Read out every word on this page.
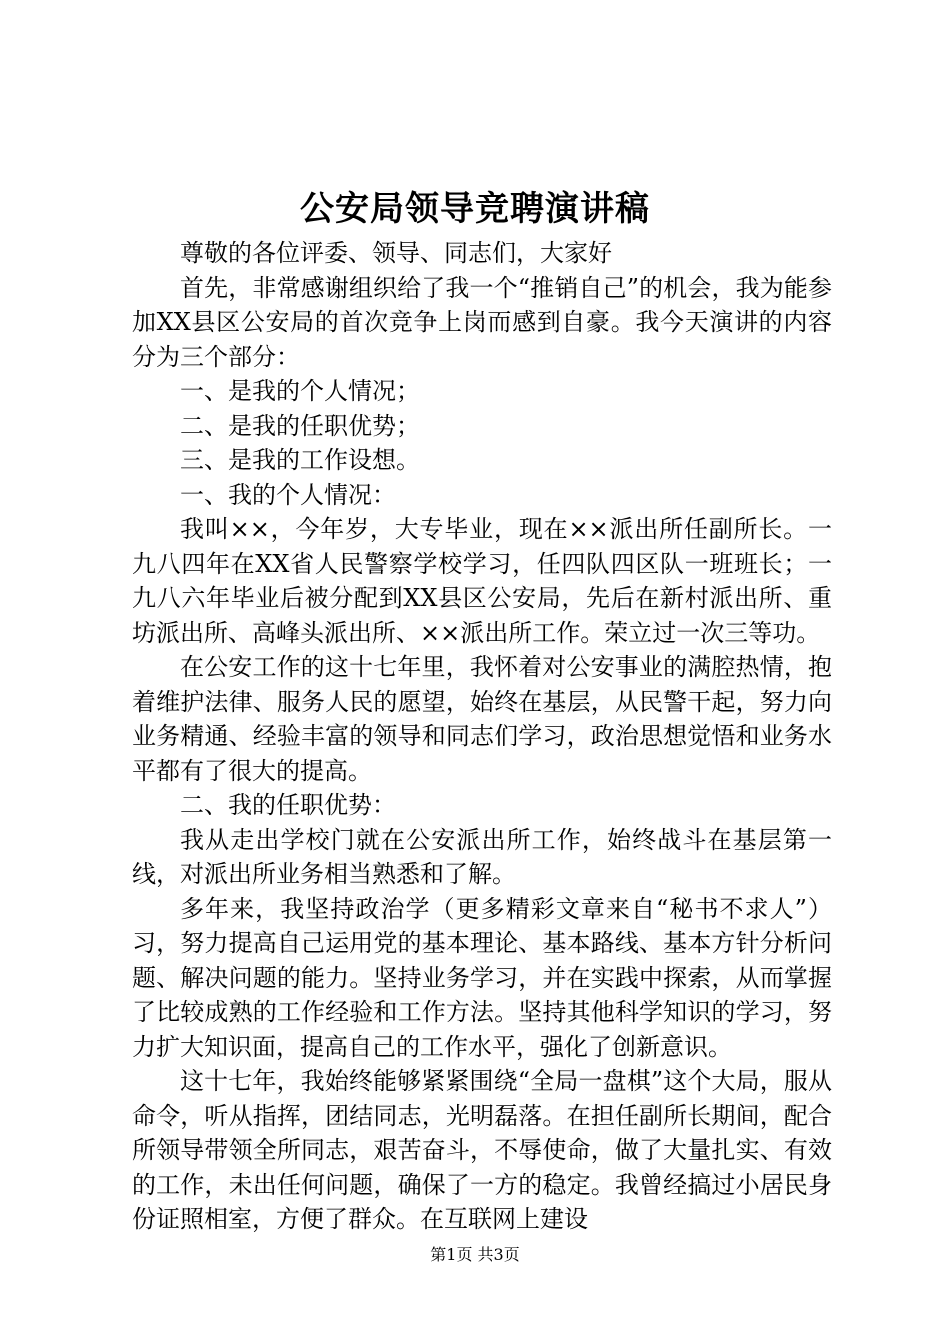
公安局领导竞聘演讲稿

尊敬的各位评委、领导、同志们，大家好

首先，非常感谢组织给了我一个“推销自己”的机会，我为能参加XX县区公安局的首次竞争上岗而感到自豪。我今天演讲的内容分为三个部分：

一、是我的个人情况；

二、是我的任职优势；

三、是我的工作设想。

一、我的个人情况：

我叫××，今年岁，大专毕业，现在××派出所任副所长。一九八四年在XX省人民警察学校学习，任四队四区队一班班长；一九八六年毕业后被分配到XX县区公安局，先后在新村派出所、重坊派出所、高峰头派出所、××派出所工作。荣立过一次三等功。

在公安工作的这十七年里，我怀着对公安事业的满腔热情，抱着维护法律、服务人民的愿望，始终在基层，从民警干起，努力向业务精通、经验丰富的领导和同志们学习，政治思想觉悟和业务水平都有了很大的提高。

二、我的任职优势：

我从走出学校门就在公安派出所工作，始终战斗在基层第一线，对派出所业务相当熟悉和了解。

多年来，我坚持政治学（更多精彩文章来自“秘书不求人”）习，努力提高自己运用党的基本理论、基本路线、基本方针分析问题、解决问题的能力。坚持业务学习，并在实践中探索，从而掌握了比较成熟的工作经验和工作方法。坚持其他科学知识的学习，努力扩大知识面，提高自己的工作水平，强化了创新意识。

这十七年，我始终能够紧紧围绕“全局一盘棋”这个大局，服从命令，听从指挥，团结同志，光明磊落。在担任副所长期间，配合所领导带领全所同志，艰苦奋斗，不辱使命，做了大量扎实、有效的工作，未出任何问题，确保了一方的稳定。我曾经搞过小居民身份证照相室，方便了群众。在互联网上建设

第1页 共3页
